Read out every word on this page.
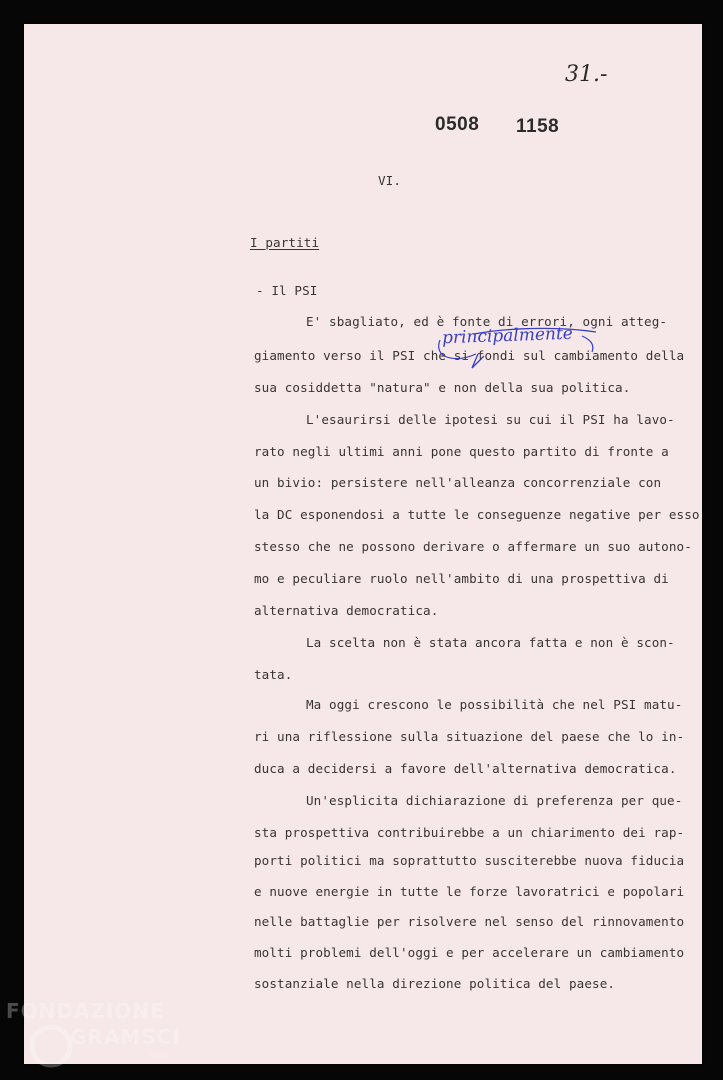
31.-
0508 1158
VI.
I partiti
- Il PSI
principalmente
E' sbagliato, ed è fonte di errori, ogni atteg-
giamento verso il PSI che si fondi sul cambiamento della
sua cosiddetta "natura" e non della sua politica.
L'esaurirsi delle ipotesi su cui il PSI ha lavo-
rato negli ultimi anni pone questo partito di fronte a
un bivio: persistere nell'alleanza concorrenziale con
la DC esponendosi a tutte le conseguenze negative per esso
stesso che ne possono derivare o affermare un suo autono-
mo e peculiare ruolo nell'ambito di una prospettiva di
alternativa democratica.
La scelta non è stata ancora fatta e non è scon-
tata.
Ma oggi crescono le possibilità che nel PSI matu-
ri una riflessione sulla situazione del paese che lo in-
duca a decidersi a favore dell'alternativa democratica.
Un'esplicita dichiarazione di preferenza per que-
sta prospettiva contribuirebbe a un chiarimento dei rap-
porti politici ma soprattutto susciterebbe nuova fiducia
e nuove energie in tutte le forze lavoratrici e popolari
nelle battaglie per risolvere nel senso del rinnovamento
molti problemi dell'oggi e per accelerare un cambiamento
sostanziale nella direzione politica del paese.
FONDAZIONE
GRAMSCI
onlus
